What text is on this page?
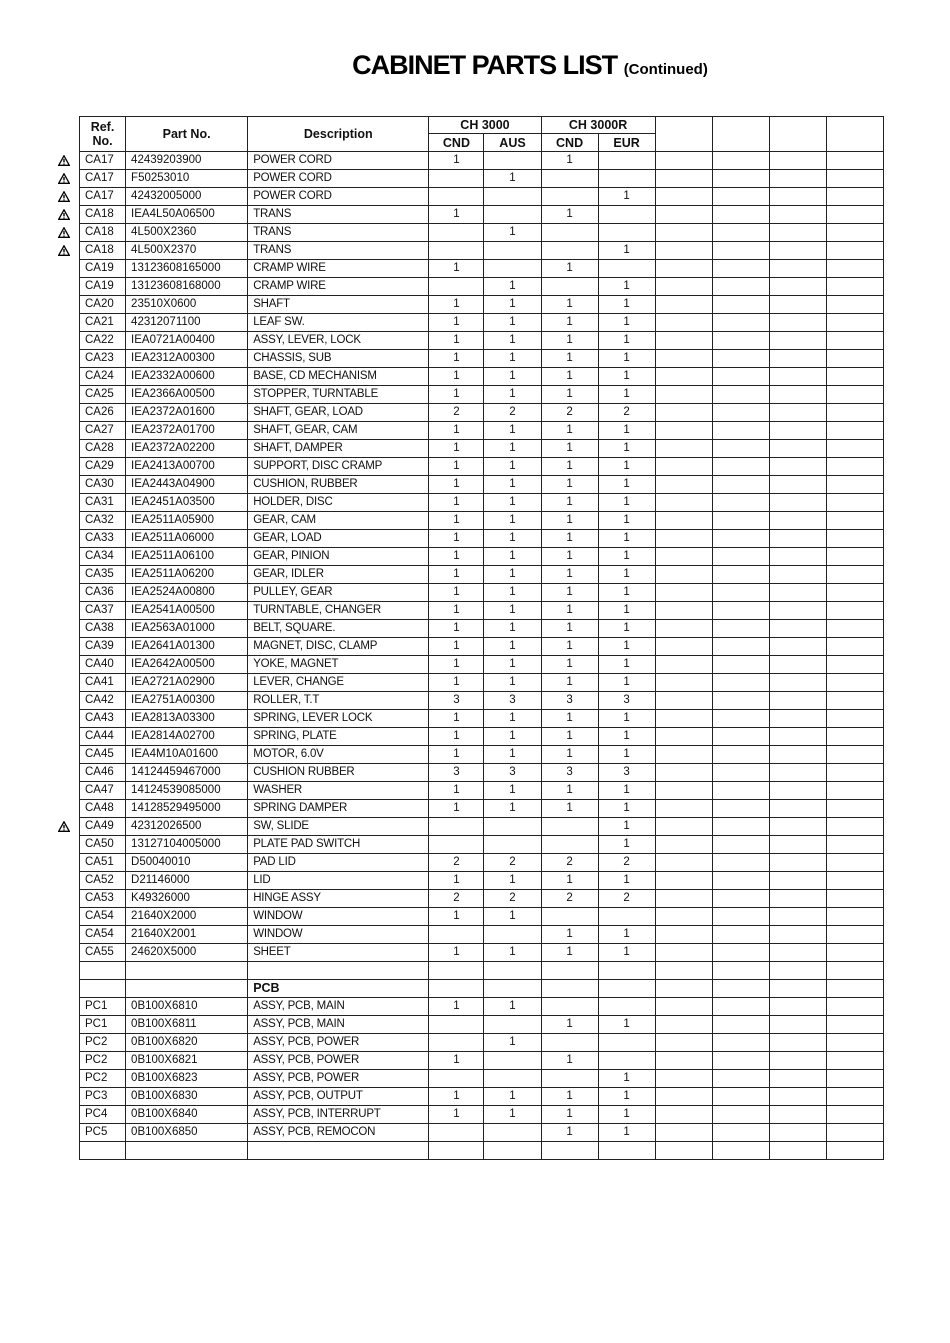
CABINET PARTS LIST (Continued)
Ref.
No.	Part No.	Description	CH 3000		CH 3000R					
			CND	AUS	CND	EUR				
CA17	42439203900	POWER CORD	1		1					
CA17	F50253010	POWER CORD		1						
CA17	42432005000	POWER CORD				1				
CA18	IEA4L50A06500	TRANS	1		1					
CA18	4L500X2360	TRANS		1						
CA18	4L500X2370	TRANS				1				
CA19	13123608165000	CRAMP WIRE	1		1					
CA19	13123608168000	CRAMP WIRE		1		1				
CA20	23510X0600	SHAFT	1	1	1	1				
CA21	42312071100	LEAF SW.	1	1	1	1				
CA22	IEA0721A00400	ASSY, LEVER, LOCK	1	1	1	1				
CA23	IEA2312A00300	CHASSIS, SUB	1	1	1	1				
CA24	IEA2332A00600	BASE, CD MECHANISM	1	1	1	1				
CA25	IEA2366A00500	STOPPER, TURNTABLE	1	1	1	1				
CA26	IEA2372A01600	SHAFT, GEAR, LOAD	2	2	2	2				
CA27	IEA2372A01700	SHAFT, GEAR, CAM	1	1	1	1				
CA28	IEA2372A02200	SHAFT, DAMPER	1	1	1	1				
CA29	IEA2413A00700	SUPPORT, DISC CRAMP	1	1	1	1				
CA30	IEA2443A04900	CUSHION, RUBBER	1	1	1	1				
CA31	IEA2451A03500	HOLDER, DISC	1	1	1	1				
CA32	IEA2511A05900	GEAR, CAM	1	1	1	1				
CA33	IEA2511A06000	GEAR, LOAD	1	1	1	1				
CA34	IEA2511A06100	GEAR, PINION	1	1	1	1				
CA35	IEA2511A06200	GEAR, IDLER	1	1	1	1				
CA36	IEA2524A00800	PULLEY, GEAR	1	1	1	1				
CA37	IEA2541A00500	TURNTABLE, CHANGER	1	1	1	1				
CA38	IEA2563A01000	BELT, SQUARE.	1	1	1	1				
CA39	IEA2641A01300	MAGNET, DISC, CLAMP	1	1	1	1				
CA40	IEA2642A00500	YOKE, MAGNET	1	1	1	1				
CA41	IEA2721A02900	LEVER, CHANGE	1	1	1	1				
CA42	IEA2751A00300	ROLLER, T.T	3	3	3	3				
CA43	IEA2813A03300	SPRING, LEVER LOCK	1	1	1	1				
CA44	IEA2814A02700	SPRING, PLATE	1	1	1	1				
CA45	IEA4M10A01600	MOTOR, 6.0V	1	1	1	1				
CA46	14124459467000	CUSHION RUBBER	3	3	3	3				
CA47	14124539085000	WASHER	1	1	1	1				
CA48	14128529495000	SPRING DAMPER	1	1	1	1				
CA49	42312026500	SW, SLIDE				1				
CA50	13127104005000	PLATE PAD SWITCH				1				
CA51	D50040010	PAD LID	2	2	2	2				
CA52	D21146000	LID	1	1	1	1				
CA53	K49326000	HINGE ASSY	2	2	2	2				
CA54	21640X2000	WINDOW	1	1						
CA54	21640X2001	WINDOW			1	1				
CA55	24620X5000	SHEET	1	1	1	1				

		PCB								
PC1	0B100X6810	ASSY, PCB, MAIN	1	1						
PC1	0B100X6811	ASSY, PCB, MAIN			1	1				
PC2	0B100X6820	ASSY, PCB, POWER		1						
PC2	0B100X6821	ASSY, PCB, POWER	1		1					
PC2	0B100X6823	ASSY, PCB, POWER				1				
PC3	0B100X6830	ASSY, PCB, OUTPUT	1	1	1	1				
PC4	0B100X6840	ASSY, PCB, INTERRUPT	1	1	1	1				
PC5	0B100X6850	ASSY, PCB, REMOCON			1	1				
